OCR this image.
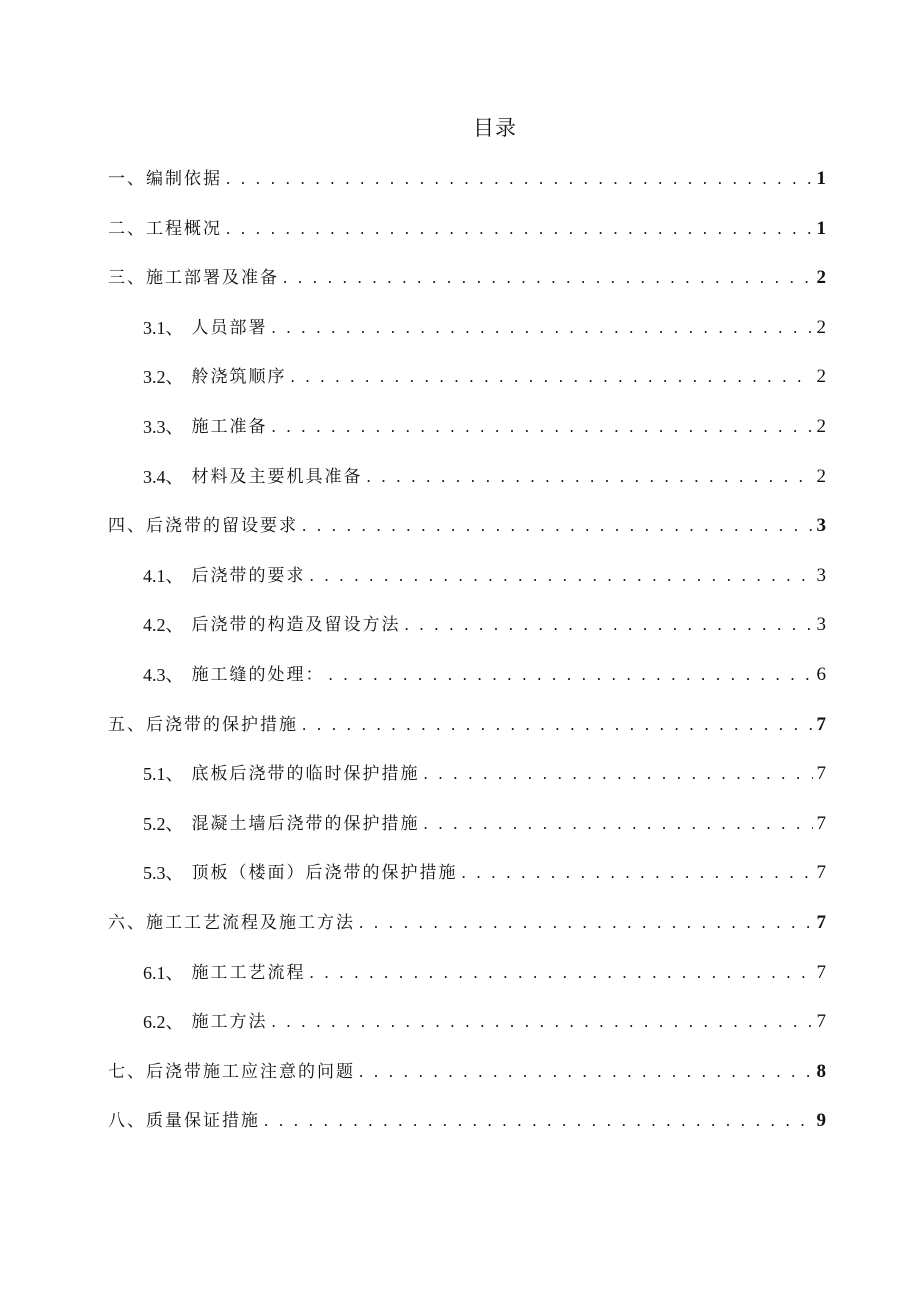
目录
一、编制依据 . . .	1
二、工程概况 . . .	1
三、施工部署及准备 . . .	2
3.1、 人员部署 . . .	2
3.2、 舲浇筑顺序 . . .	2
3.3、 施工准备 . . .	2
3.4、 材料及主要机具准备 . . .	2
四、后浇带的留设要求 . . .	3
4.1、 后浇带的要求 . . .	3
4.2、 后浇带的构造及留设方法 . . .	3
4.3、 施工缝的处理： . . .	6
五、后浇带的保护措施 . . .	7
5.1、 底板后浇带的临时保护措施 . . .	7
5.2、 混凝土墙后浇带的保护措施 . . .	7
5.3、 顶板（楼面）后浇带的保护措施 . . .	7
六、施工工艺流程及施工方法 . . .	7
6.1、 施工工艺流程 . . .	7
6.2、 施工方法 . . .	7
七、后浇带施工应注意的问题 . . .	8
八、质量保证措施 . . .	9
